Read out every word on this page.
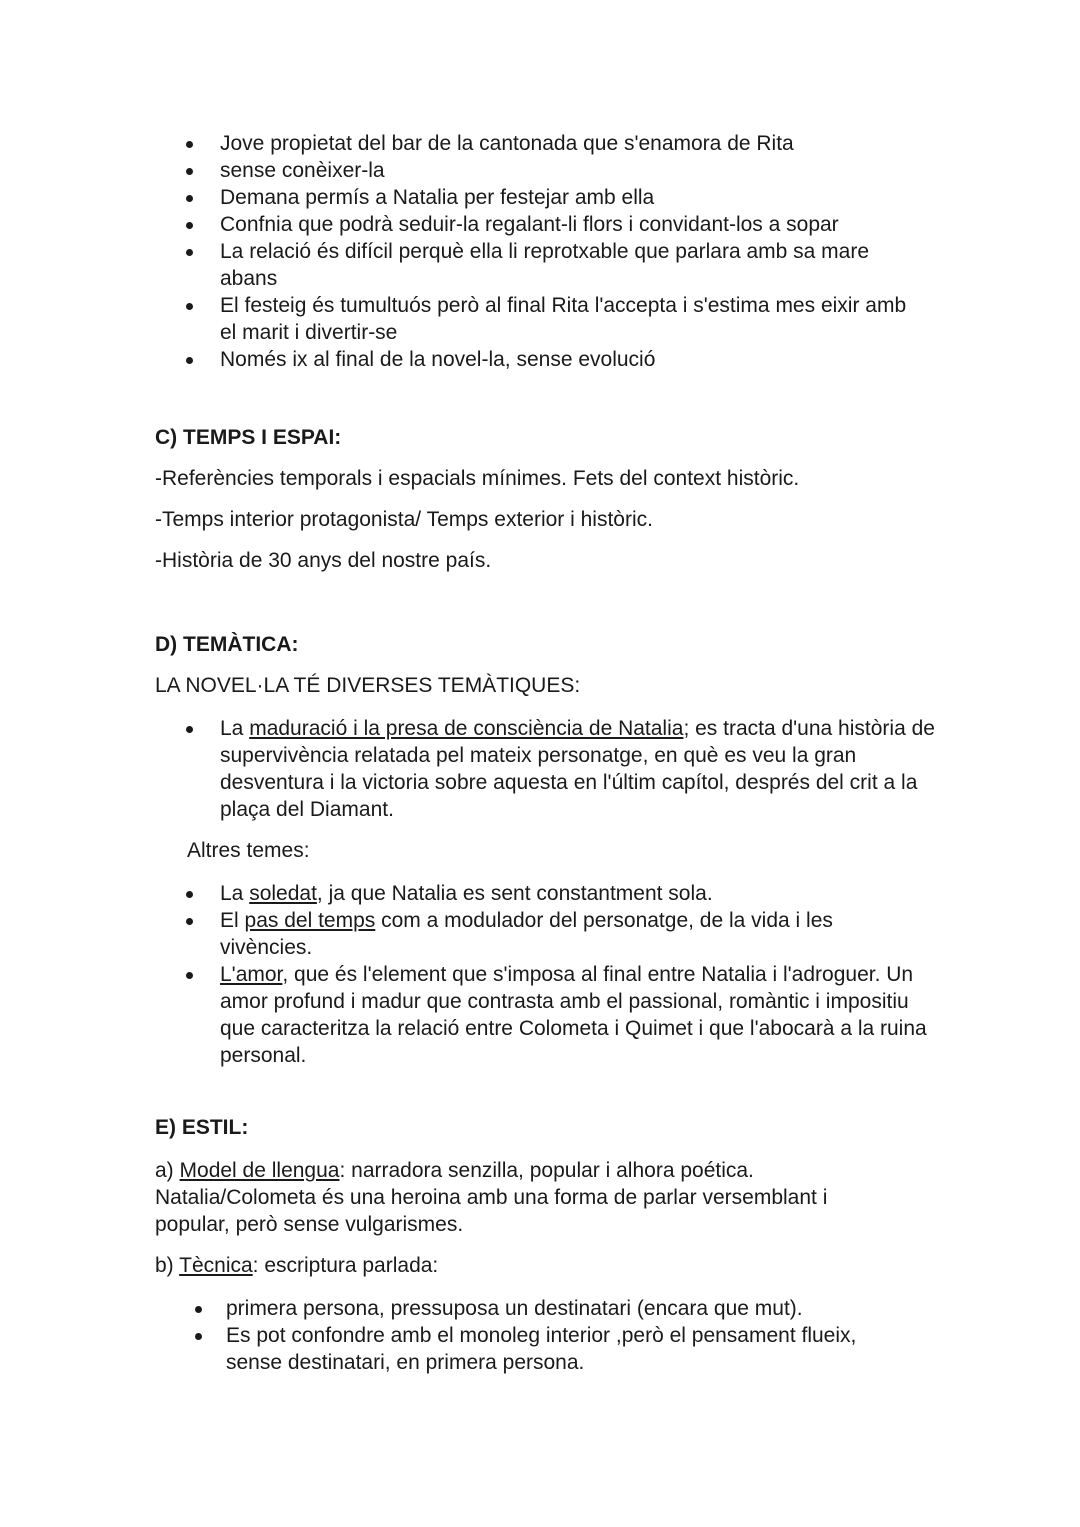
Jove propietat del bar de la cantonada que s'enamora de Rita
sense conèixer-la
Demana permís a Natalia per festejar amb ella
Confnia que podrà seduir-la regalant-li flors i convidant-los a sopar
La relació és difícil perquè ella li reprotxable que parlara amb sa mare abans
El festeig és tumultuós però al final Rita l'accepta i s'estima mes eixir amb el marit i divertir-se
Només ix al final de la novel-la, sense evolució
C) TEMPS I ESPAI:

-Referències temporals i espacials mínimes. Fets del context històric.

-Temps interior protagonista/ Temps exterior i històric.

-Història de 30 anys del nostre país.

D) TEMÀTICA:

LA NOVEL·LA TÉ DIVERSES TEMÀTIQUES:

La maduració i la presa de consciència de Natalia; es tracta d'una història de supervivència relatada pel mateix personatge, en què es veu la gran desventura i la victoria sobre aquesta en l'últim capítol, després del crit a la plaça del Diamant.

Altres temes:

La soledat, ja que Natalia es sent constantment sola.
El pas del temps com a modulador del personatge, de la vida i les vivències.
L'amor, que és l'element que s'imposa al final entre Natalia i l'adroguer. Un amor profund i madur que contrasta amb el passional, romàntic i impositiu que caracteritza la relació entre Colometa i Quimet i que l'abocarà a la ruina personal.
E) ESTIL:

a) Model de llengua: narradora senzilla, popular i alhora poética. Natalia/Colometa és una heroina amb una forma de parlar versemblant i popular, però sense vulgarismes.

b) Tècnica: escriptura parlada:

primera persona, pressuposa un destinatari (encara que mut).
Es pot confondre amb el monoleg interior ,però el pensament flueix, sense destinatari, en primera persona.
